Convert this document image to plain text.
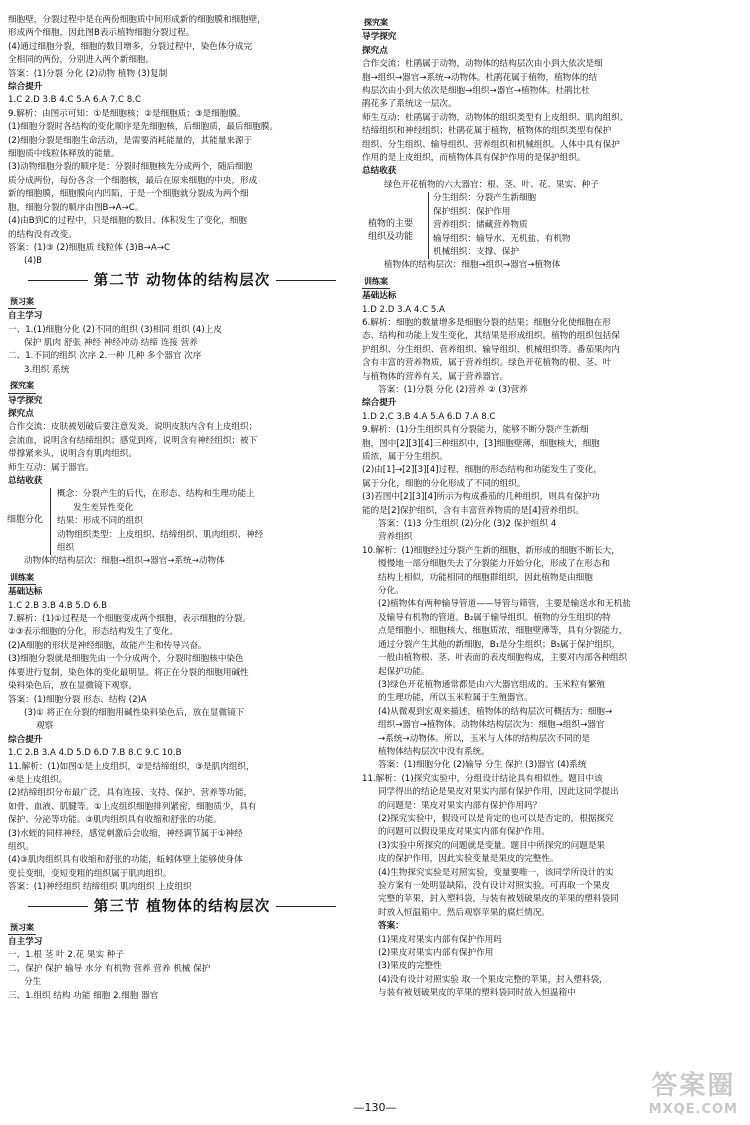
细胞壁，分裂过程中是在两份细胞质中间形成新的细胞膜和细胞壁，
形成两个细胞，因此图B表示植物细胞分裂过程。
(4)通过细胞分裂，细胞的数目增多，分裂过程中，染色体分成完
全相同的两份，分别进入两个新细胞。
答案：(1)分裂 分化 (2)动物 植物 (3)复制
综合提升
1.C 2.D 3.B 4.C 5.A 6.A 7.C 8.C
9.解析：由图示可知：①是细胞核；②是细胞质；③是细胞膜。
(1)细胞分裂时各结构的变化顺序是先细胞核，后细胞质，最后细胞膜。
(2)细胞分裂是细胞生命活动，是需要消耗能量的，其能量来源于
细胞质中线粒体释放的能量。
(3)动物细胞分裂的顺序是：分裂时细胞核先分成两个，随后细胞
质分成两份，每份各含一个细胞核，最后在原来细胞的中央，形成
新的细胞膜，细胞膜向内凹陷，于是一个细胞就分裂成为两个细
胞，细胞分裂的顺序由图B→A→C。
(4)由B到C的过程中，只是细胞的数目、体积发生了变化，细胞
的结构没有改变。
答案：(1)③ (2)细胞质 线粒体 (3)B→A→C
(4)B
第二节 动物体的结构层次
预习案
自主学习
一、1.(1)细胞分化 (2)不同的组织 (3)相同 组织 (4)上皮
保护 肌肉 舒张 神经 神经冲动 结缔 连接 营养
二、1.不同的组织 次序 2.一种 几种 多个器官 次序
3.组织 系统
探究案
导学探究
探究点
合作交流：皮肤被划破后要注意发炎，说明皮肤内含有上皮组织；
会流血，说明含有结缔组织；感觉到疼，说明含有神经组织；被下
带撑紧来头，说明含有肌肉组织。
师生互动：属于器官。
总结收获
细胞分化
概念：分裂产生的后代，在形态、结构和生理功能上
发生差异性变化
结果：形成不同的组织
动物组织类型：上皮组织、结缔组织、肌肉组织、神经
组织
动物体的结构层次：细胞→组织→器官→系统→动物体
训练案
基础达标
1.C 2.B 3.B 4.B 5.D 6.B
7.解析：(1)①过程是一个细胞变成两个细胞，表示细胞的分裂。
②③表示细胞的分化，形态结构发生了变化。
(2)A细胞的形状是神经细胞，故能产生和传导兴奋。
(3)细胞分裂就是细胞先由一个分成两个，分裂时细胞核中染色
体要进行复制，染色体的变化最明显。将正在分裂的细胞用碱性
染料染色后，放在显微镜下观察。
答案：(1)细胞分裂 形态、结构 (2)A
(3)① 将正在分裂的细胞用碱性染料染色后，放在显微镜下
观察
综合提升
1.C 2.B 3.A 4.D 5.D 6.D 7.B 8.C 9.C 10.B
11.解析：(1)如图①是上皮组织，②是结缔组织，③是肌肉组织，
④是上皮组织。
(2)结缔组织分布最广泛，具有连接、支持、保护、营养等功能，
如骨、血液、肌腱等。①上皮组织细胞排列紧密，细胞质少，具有
保护、分泌等功能。③肌肉组织具有收缩和舒张的功能。
(3)水蛭的同样神经，感觉刺激后会收缩，神经调节属于①神经
组织。
(4)③肌肉组织具有收缩和舒张的功能，蚯蚓体壁上能够使身体
变长变细，变短变粗的组织属于肌肉组织。
答案：(1)神经组织 结缔组织 肌肉组织 上皮组织
第三节 植物体的结构层次
预习案
自主学习
一、1.根 茎 叶 2.花 果实 种子
二、保护 保护 输导 水分 有机物 营养 营养 机械 保护
分生
三、1.组织 结构 功能 细胞 2.细胞 器官
探究案
导学探究
探究点
合作交流：杜鹃属于动物，动物体的结构层次由小到大依次是细
胞→组织→器官→系统→动物体。杜鹃花属于植物，植物体的结
构层次由小到大依次是细胞→组织→器官→植物体。杜鹃比杜
鹃花多了系统这一层次。
师生互动：杜鹃属于动物，动物体的组织类型有上皮组织、肌肉组织、
结缔组织和神经组织；杜鹃花属于植物，植物体的组织类型有保护
组织、分生组织、输导组织、营养组织和机械组织。人体中具有保护
作用的是上皮组织，而植物体具有保护作用的是保护组织。
总结收获
绿色开花植物的六大器官：根、茎、叶、花、果实、种子
植物的主要
组织及功能
分生组织：分裂产生新细胞
保护组织：保护作用
营养组织：储藏营养物质
输导组织：输导水、无机盐、有机物
机械组织：支撑、保护
植物体的结构层次：细胞→组织→器官→植物体
训练案
基础达标
1.D 2.D 3.A 4.C 5.A
6.解析：细胞的数量增多是细胞分裂的结果；细胞分化使细胞在形
态、结构和功能上发生变化，其结果是形成组织。植物的组织包括保
护组织、分生组织、营养组织、输导组织、机械组织等。番茄果肉内
含有丰富的营养物质，属于营养组织。绿色开花植物的根、茎、叶
与植物体的营养有关，属于营养器官。
答案：(1)分裂 分化 (2)营养 ② (3)营养
综合提升
1.D 2.C 3.B 4.A 5.A 6.D 7.A 8.C
9.解析：(1)分生组织具有分裂能力，能够不断分裂产生新细
胞，图中[2][3][4]三种组织中，[3]细胞壁薄，细胞核大，细胞
质浓，属于分生组织。
(2)由[1]→[2][3][4]过程，细胞的形态结构和功能发生了变化，
属于分化，细胞的分化形成了不同的组织。
(3)若图中[2][3][4]所示为构成番茄的几种组织，则具有保护功
能的是[2]保护组织，含有丰富营养物质的是[4]营养组织。
答案：(1)3 分生组织 (2)分化 (3)2 保护组织 4
营养组织
10.解析：(1)细胞经过分裂产生新的细胞，新形成的细胞不断长大，
慢慢地一部分细胞失去了分裂能力开始分化，形成了在形态和
结构上相似，功能相同的细胞群组织，因此植物是由细胞
分化。
(2)植物体有两种输导管道——导管与筛管，主要是输送水和无机盐
及输导有机物的管道。B₂属于输导组织。植物的分生组织的特
点是细胞小、细胞核大、细胞质浓，细胞壁薄等，具有分裂能力，
通过分裂产生其他的新细胞，B₁是分生组织；B₃属于保护组织，
一般由植物根、茎、叶表面的表皮细胞构成，主要对内部各种组织
起保护功能。
(3)绿色开花植物通常都是由六大器官组成的。玉米粒有繁殖
的生理功能，所以玉米粒属于生殖器官。
(4)从微观到宏观来描述，植物体的结构层次可概括为：细胞→
组织→器官→植物体。动物体结构层次为：细胞→组织→器官
→系统→动物体。所以，玉米与人体的结构层次不同的是
植物体结构层次中没有系统。
答案：(1)细胞分化 (2)输导 分生 保护 (3)器官 (4)系统
11.解析：(1)探究实验中，分组设计结论具有相似性。题目中该
同学得出的结论是果皮对果实内部有保护作用，因此这同学提出
的问题是：果皮对果实内部有保护作用吗？
(2)探究实验中，假设可以是肯定的也可以是否定的，根据探究
的问题可以假设果皮对果实内部有保护作用。
(3)实验中所探究的问题就是变量。题目中所探究的问题是果
皮的保护作用，因此实验变量是果皮的完整性。
(4)生物探究实验是对照实验，变量要唯一，该同学所设计的实
验方案有一处明显缺陷，没有设计对照实验。可再取一个果皮
完整的苹果，封入塑料袋，与装有被划破果皮的苹果的塑料袋同
时放入恒温箱中。然后观察苹果的腐烂情况。
答案：
(1)果皮对果实内部有保护作用吗
(2)果皮对果实内部有保护作用
(3)果皮的完整性
(4)没有设计对照实验 取一个果皮完整的苹果，封入塑料袋，
与装有被划破果皮的苹果的塑料袋同时放入恒温箱中
—130—
答案圈
MXQE.COM
